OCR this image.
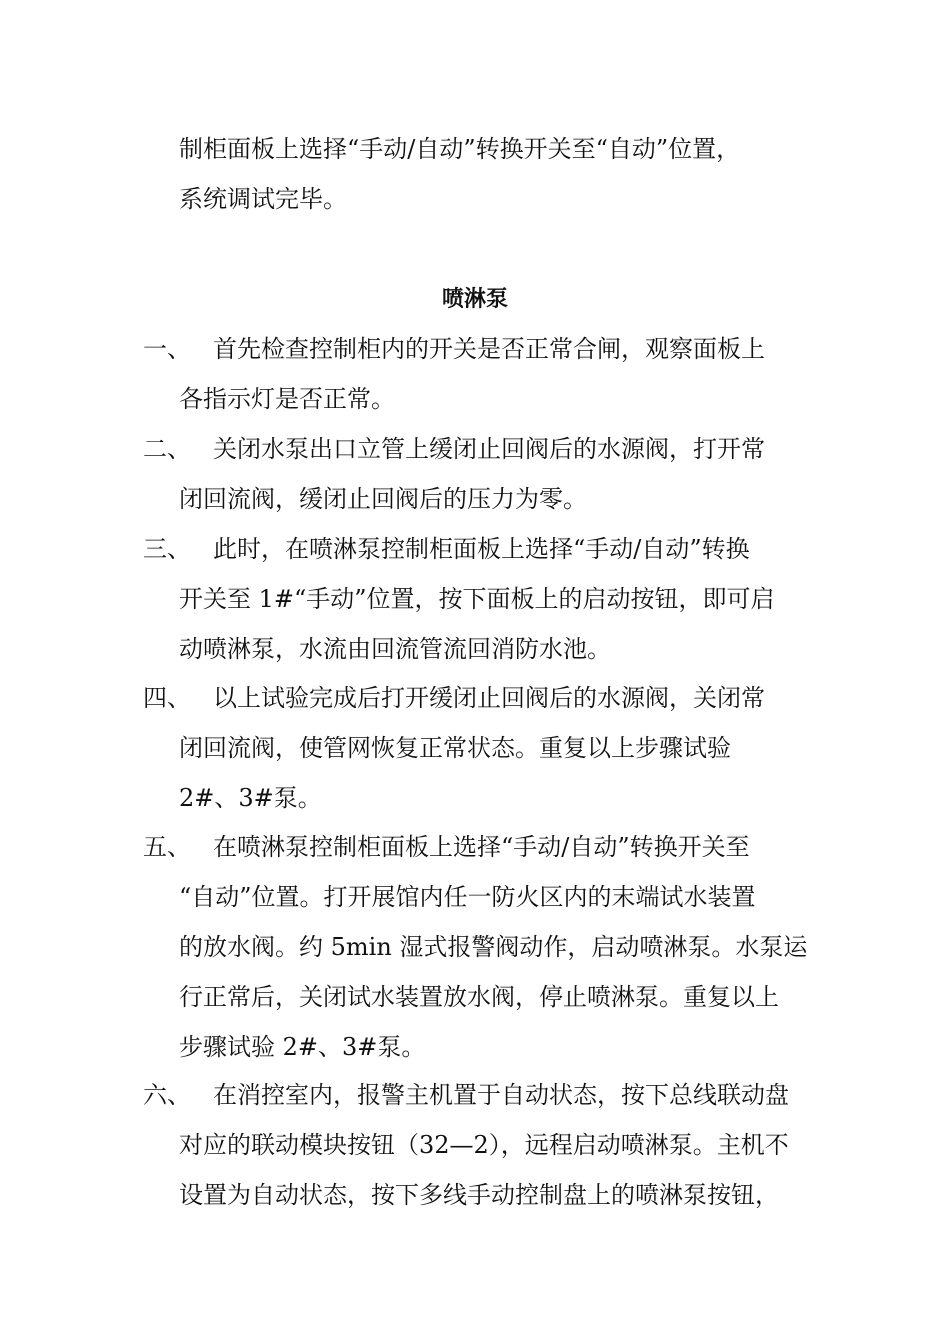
制柜面板上选择“手动/自动”转换开关至“自动”位置，
系统调试完毕。
喷淋泵
一、 首先检查控制柜内的开关是否正常合闸，观察面板上
各指示灯是否正常。
二、 关闭水泵出口立管上缓闭止回阀后的水源阀，打开常
闭回流阀，缓闭止回阀后的压力为零。
三、 此时，在喷淋泵控制柜面板上选择“手动/自动”转换
开关至 1#“手动”位置，按下面板上的启动按钮，即可启
动喷淋泵，水流由回流管流回消防水池。
四、 以上试验完成后打开缓闭止回阀后的水源阀，关闭常
闭回流阀，使管网恢复正常状态。重复以上步骤试验
2#、3#泵。
五、 在喷淋泵控制柜面板上选择“手动/自动”转换开关至
“自动”位置。打开展馆内任一防火区内的末端试水装置
的放水阀。约 5min 湿式报警阀动作，启动喷淋泵。水泵运
行正常后，关闭试水装置放水阀，停止喷淋泵。重复以上
步骤试验 2#、3#泵。
六、 在消控室内，报警主机置于自动状态，按下总线联动盘
对应的联动模块按钮（32—2），远程启动喷淋泵。主机不
设置为自动状态，按下多线手动控制盘上的喷淋泵按钮，
